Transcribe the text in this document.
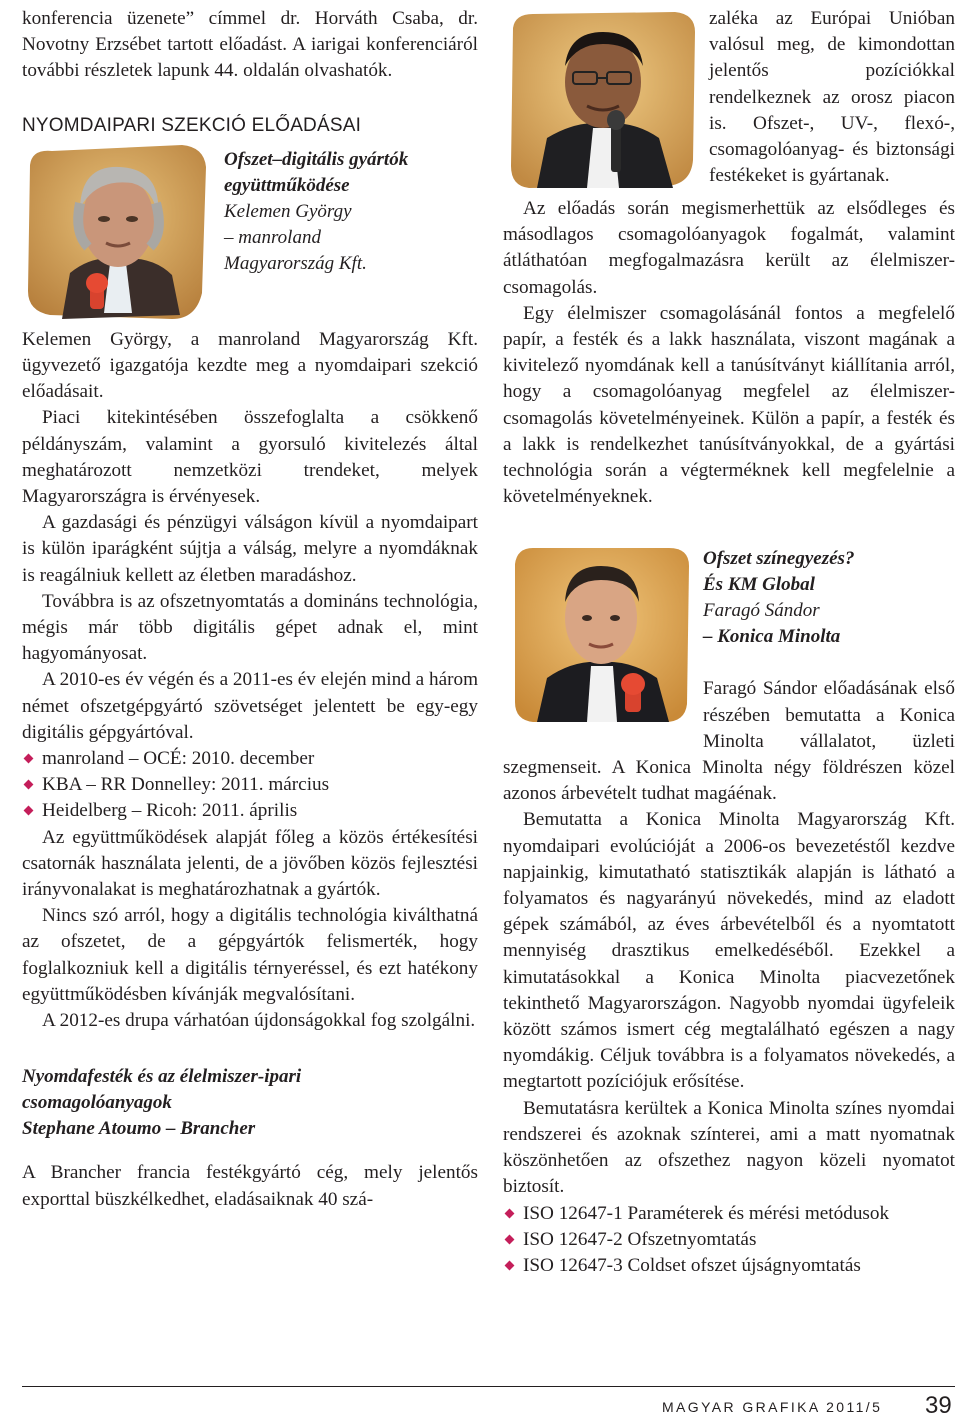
konferencia üzenete” címmel dr. Horváth Csaba, dr. Novotny Erzsébet tartott előadást. A iarigai konferenciáról további részletek lapunk 44. oldalán olvashatók.

NYOMDAIPARI SZEKCIÓ ELŐADÁSAI
Ofszet–digitális gyártók
együttműködése
Kelemen György
– manroland
Magyarország Kft.

Kelemen György, a manroland Magyarország Kft. ügyvezető igazgatója kezdte meg a nyomdaipari szekció előadásait.

Piaci kitekintésében összefoglalta a csökkenő példányszám, valamint a gyorsuló kivitelezés által meghatározott nemzetközi trendeket, melyek Magyarországra is érvényesek.

A gazdasági és pénzügyi válságon kívül a nyomdaipart is külön iparágként sújtja a válság, melyre a nyomdáknak is reagálniuk kellett az életben maradáshoz.

Továbbra is az ofszetnyomtatás a domináns technológia, mégis már több digitális gépet adnak el, mint hagyományosat.

A 2010-es év végén és a 2011-es év elején mind a három német ofszetgépgyártó szövetséget jelentett be egy-egy digitális gépgyártóval.

manroland – OCÉ: 2010. december
KBA – RR Donnelley: 2011. március
Heidelberg – Ricoh: 2011. április

Az együttműködések alapját főleg a közös értékesítési csatornák használata jelenti, de a jövőben közös fejlesztési irányvonalakat is meghatározhatnak a gyártók.

Nincs szó arról, hogy a digitális technológia kiválthatná az ofszetet, de a gépgyártók felismerték, hogy foglalkozniuk kell a digitális térnyeréssel, és ezt hatékony együttműködésben kívánják megvalósítani.

A 2012-es drupa várhatóan újdonságokkal fog szolgálni.

Nyomdafesték és az élelmiszer-ipari
csomagolóanyagok
Stephane Atoumo – Brancher

A Brancher francia festékgyártó cég, mely jelentős exporttal büszkélkedhet, eladásaiknak 40 szá-

zaléka az Európai Unióban valósul meg, de kimondottan jelentős pozíciókkal rendelkeznek az orosz piacon is. Ofszet-, UV-, flexó-, csomagolóanyag- és biztonsági festékeket is gyártanak.

Az előadás során megismerhettük az elsődleges és másodlagos csomagolóanyagok fogalmát, valamint átláthatóan megfogalmazásra került az élelmiszer-csomagolás.

Egy élelmiszer csomagolásánál fontos a megfelelő papír, a festék és a lakk használata, viszont magának a kivitelező nyomdának kell a tanúsítványt kiállítania arról, hogy a csomagolóanyag megfelel az élelmiszer-csomagolás követelményeinek. Külön a papír, a festék és a lakk is rendelkezhet tanúsítványokkal, de a gyártási technológia során a végterméknek kell megfelelnie a követelményeknek.

Ofszet színegyezés?
És KM Global
Faragó Sándor
– Konica Minolta

Faragó Sándor előadásának első részében bemutatta a Konica Minolta vállalatot, üzleti szegmenseit. A Konica Minolta négy földrészen közel azonos árbevételt tudhat magáénak.

Bemutatta a Konica Minolta Magyarország Kft. nyomdaipari evolúcióját a 2006-os bevezetéstől kezdve napjainkig, kimutatható statisztikák alapján is látható a folyamatos és nagyarányú növekedés, mind az eladott gépek számából, az éves árbevételből és a nyomtatott mennyiség drasztikus emelkedéséből. Ezekkel a kimutatásokkal a Konica Minolta piacvezetőnek tekinthető Magyarországon. Nagyobb nyomdai ügyfeleik között számos ismert cég megtalálható egészen a nagy nyomdákig. Céljuk továbbra is a folyamatos növekedés, a megtartott pozíciójuk erősítése.

Bemutatásra kerültek a Konica Minolta színes nyomdai rendszerei és azoknak színterei, ami a matt nyomatnak köszönhetően az ofszethez nagyon közeli nyomatot biztosít.

ISO 12647-1 Paraméterek és mérési metódusok
ISO 12647-2 Ofszetnyomtatás
ISO 12647-3 Coldset ofszet újságnyomtatás
MAGYAR GRAFIKA 2011/5 39
